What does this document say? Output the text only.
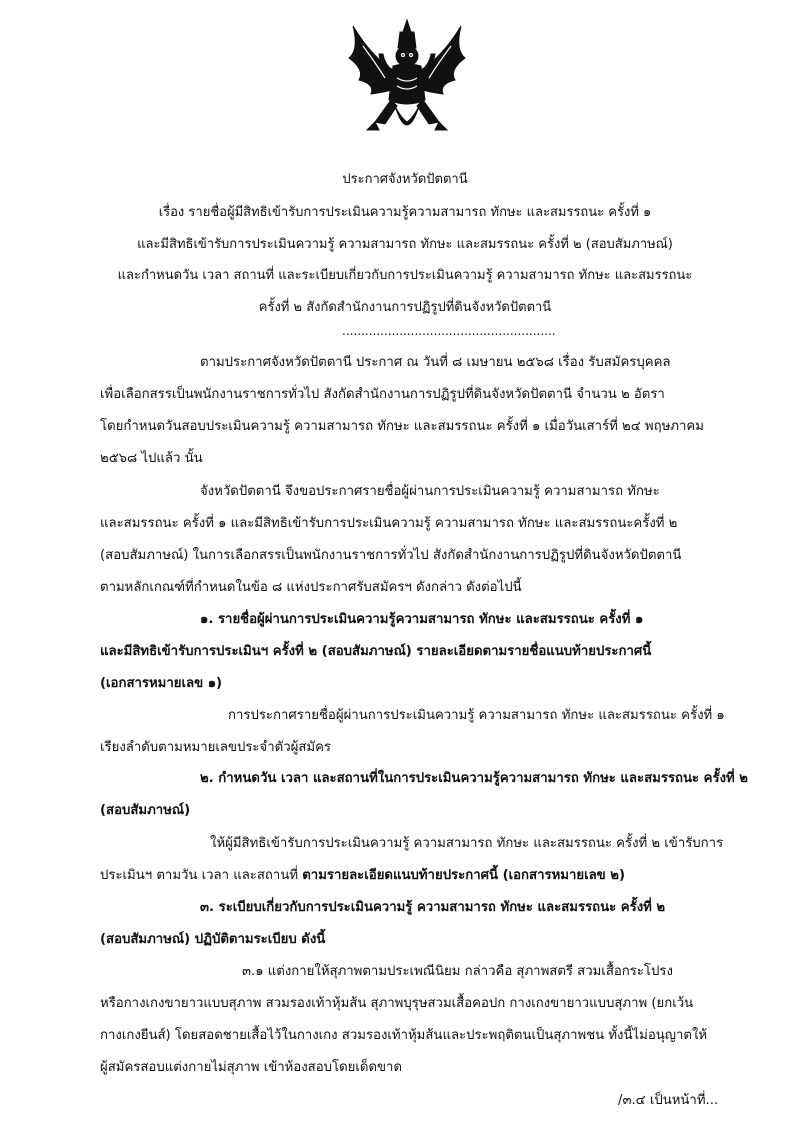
ประกาศจังหวัดปัตตานี
เรื่อง รายชื่อผู้มีสิทธิเข้ารับการประเมินความรู้ความสามารถ ทักษะ และสมรรถนะ ครั้งที่ ๑
และมีสิทธิเข้ารับการประเมินความรู้ ความสามารถ ทักษะ และสมรรถนะ ครั้งที่ ๒ (สอบสัมภาษณ์)
และกำหนดวัน เวลา สถานที่ และระเบียบเกี่ยวกับการประเมินความรู้ ความสามารถ ทักษะ และสมรรถนะ
ครั้งที่ ๒ สังกัดสำนักงานการปฏิรูปที่ดินจังหวัดปัตตานี
........................................................
ตามประกาศจังหวัดปัตตานี ประกาศ ณ วันที่ ๘ เมษายน ๒๕๖๘ เรื่อง รับสมัครบุคคล
เพื่อเลือกสรรเป็นพนักงานราชการทั่วไป สังกัดสำนักงานการปฏิรูปที่ดินจังหวัดปัตตานี จำนวน ๒ อัตรา
โดยกำหนดวันสอบประเมินความรู้ ความสามารถ ทักษะ และสมรรถนะ ครั้งที่ ๑ เมื่อวันเสาร์ที่ ๒๔ พฤษภาคม
๒๕๖๘ ไปแล้ว นั้น
จังหวัดปัตตานี จึงขอประกาศรายชื่อผู้ผ่านการประเมินความรู้ ความสามารถ ทักษะ
และสมรรถนะ ครั้งที่ ๑ และมีสิทธิเข้ารับการประเมินความรู้ ความสามารถ ทักษะ และสมรรถนะครั้งที่ ๒
(สอบสัมภาษณ์) ในการเลือกสรรเป็นพนักงานราชการทั่วไป สังกัดสำนักงานการปฏิรูปที่ดินจังหวัดปัตตานี
ตามหลักเกณฑ์ที่กำหนดในข้อ ๘ แห่งประกาศรับสมัครฯ ดังกล่าว ดังต่อไปนี้
๑. รายชื่อผู้ผ่านการประเมินความรู้ความสามารถ ทักษะ และสมรรถนะ ครั้งที่ ๑
และมีสิทธิเข้ารับการประเมินฯ ครั้งที่ ๒ (สอบสัมภาษณ์) รายละเอียดตามรายชื่อแนบท้ายประกาศนี้
(เอกสารหมายเลข ๑)
การประกาศรายชื่อผู้ผ่านการประเมินความรู้ ความสามารถ ทักษะ และสมรรถนะ ครั้งที่ ๑
เรียงลำดับตามหมายเลขประจำตัวผู้สมัคร
๒. กำหนดวัน เวลา และสถานที่ในการประเมินความรู้ความสามารถ ทักษะ และสมรรถนะ ครั้งที่ ๒
(สอบสัมภาษณ์)
ให้ผู้มีสิทธิเข้ารับการประเมินความรู้ ความสามารถ ทักษะ และสมรรถนะ ครั้งที่ ๒ เข้ารับการ
ประเมินฯ ตามวัน เวลา และสถานที่ ตามรายละเอียดแนบท้ายประกาศนี้ (เอกสารหมายเลข ๒)
๓. ระเบียบเกี่ยวกับการประเมินความรู้ ความสามารถ ทักษะ และสมรรถนะ ครั้งที่ ๒
(สอบสัมภาษณ์) ปฏิบัติตามระเบียบ ดังนี้
๓.๑ แต่งกายให้สุภาพตามประเพณีนิยม กล่าวคือ สุภาพสตรี สวมเสื้อกระโปรง
หรือกางเกงขายาวแบบสุภาพ สวมรองเท้าหุ้มส้น สุภาพบุรุษสวมเสื้อคอปก กางเกงขายาวแบบสุภาพ (ยกเว้น
กางเกงยีนส์) โดยสอดชายเสื้อไว้ในกางเกง สวมรองเท้าหุ้มส้นและประพฤติตนเป็นสุภาพชน ทั้งนี้ไม่อนุญาตให้
ผู้สมัครสอบแต่งกายไม่สุภาพ เข้าห้องสอบโดยเด็ดขาด
/๓.๔ เป็นหน้าที่...
